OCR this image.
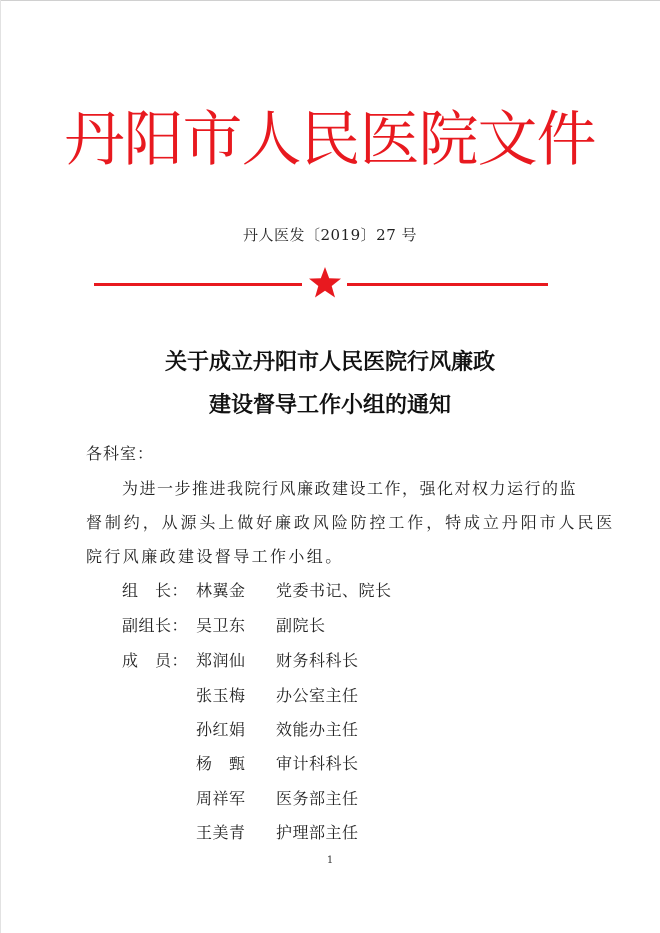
丹阳市人民医院文件
丹人医发〔2019〕27 号
关于成立丹阳市人民医院行风廉政
建设督导工作小组的通知
各科室：
为进一步推进我院行风廉政建设工作，强化对权力运行的监
督制约，从源头上做好廉政风险防控工作，特成立丹阳市人民医
院行风廉政建设督导工作小组。
组　长： 林翼金 党委书记、院长
副组长： 吴卫东 副院长
成　员： 郑润仙 财务科科长
张玉梅 办公室主任
孙红娟 效能办主任
杨　甄 审计科科长
周祥军 医务部主任
王美青 护理部主任
1
